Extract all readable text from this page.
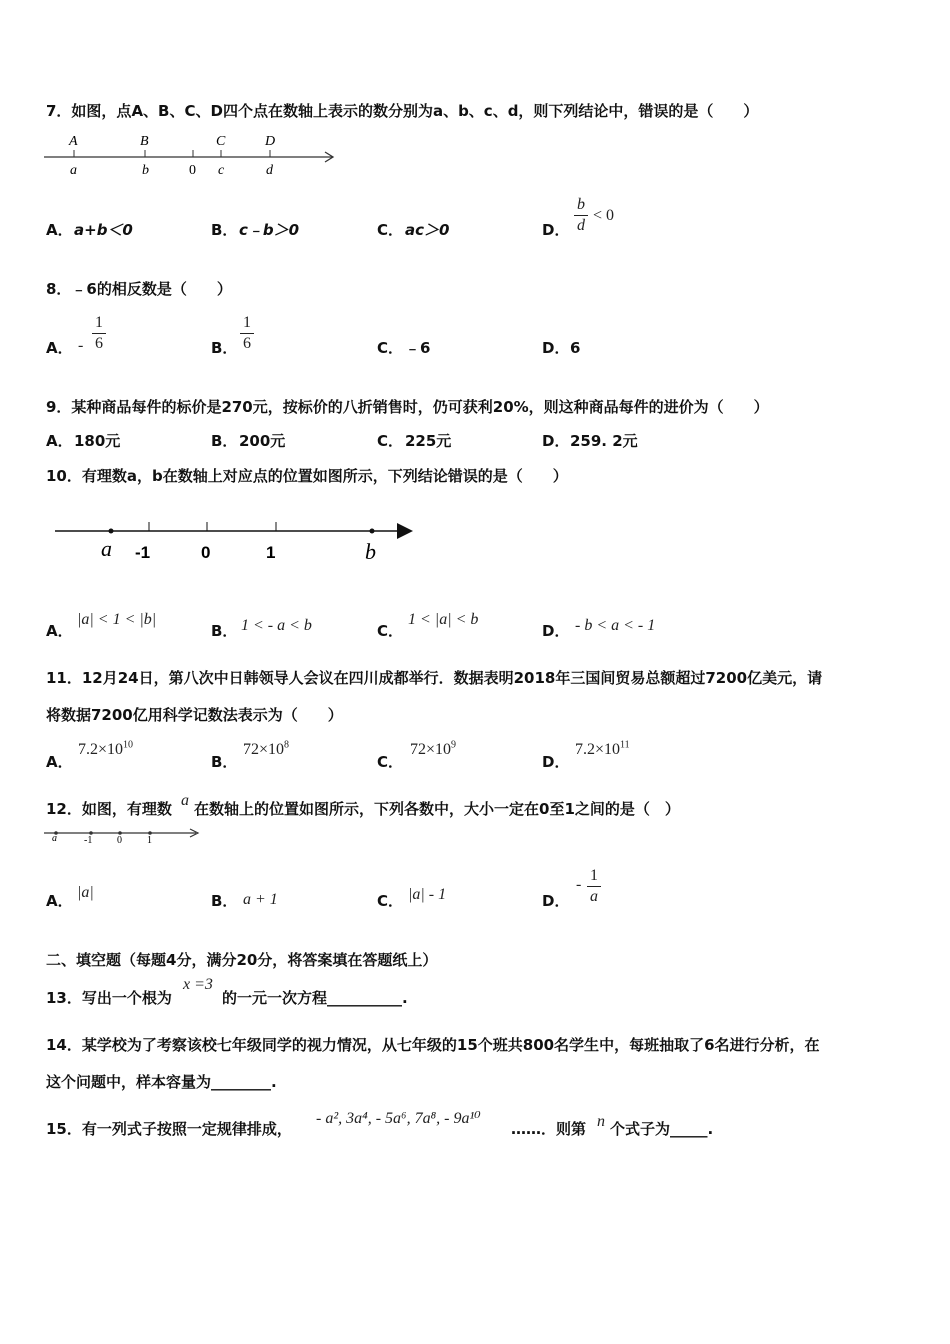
7．如图，点A、B、C、D四个点在数轴上表示的数分别为a、b、c、d，则下列结论中，错误的是（　　）
A	B	C	D
a	b	0 c	d
A． a+b＜0	B． c﹣b＞0	C． ac＞0	D．
b
d
< 0
8．﹣6的相反数是（　　）
A． -
1
6	B．
1
6	C． ﹣6	D． 6
9．某种商品每件的标价是270元，按标价的八折销售时，仍可获利20%，则这种商品每件的进价为（　　）
A． 180元	B． 200元	C． 225元	D． 259. 2元
10．有理数a，b在数轴上对应点的位置如图所示，下列结论错误的是（　　）
a -1	0	1	b
A．
|a| < 1 < |b|
B． 1 < - a < b	C．
1 < |a| < b
D． - b < a < - 1
11．12月24日，第八次中日韩领导人会议在四川成都举行．数据表明2018年三国间贸易总额超过7200亿美元，请
将数据7200亿用科学记数法表示为（　　）
A．
$7.2\times 10^{10}$
B．
$72\times 10^8$
C．
$72\times 10^9$
D．
$7.2\times 10^{11}$
12．如图，有理数 a 在数轴上的位置如图所示，下列各数中，大小一定在0至1之间的是（　）
a	-1 0	1
A． |a|	B． a + 1	C． |a| - 1	D．
-
1
a
二、填空题（每题4分，满分20分，将答案填在答题纸上）
13．写出一个根为
x =3
的一元一次方程__________.
14．某学校为了考察该校七年级同学的视力情况，从七年级的15个班共800名学生中，每班抽取了6名进行分析，在
这个问题中，样本容量为________.
15．有一列式子按照一定规律排成，
- a², 3a⁴, - 5a⁶, 7a⁸, - 9a¹⁰
……．则第 n 个式子为_____.
